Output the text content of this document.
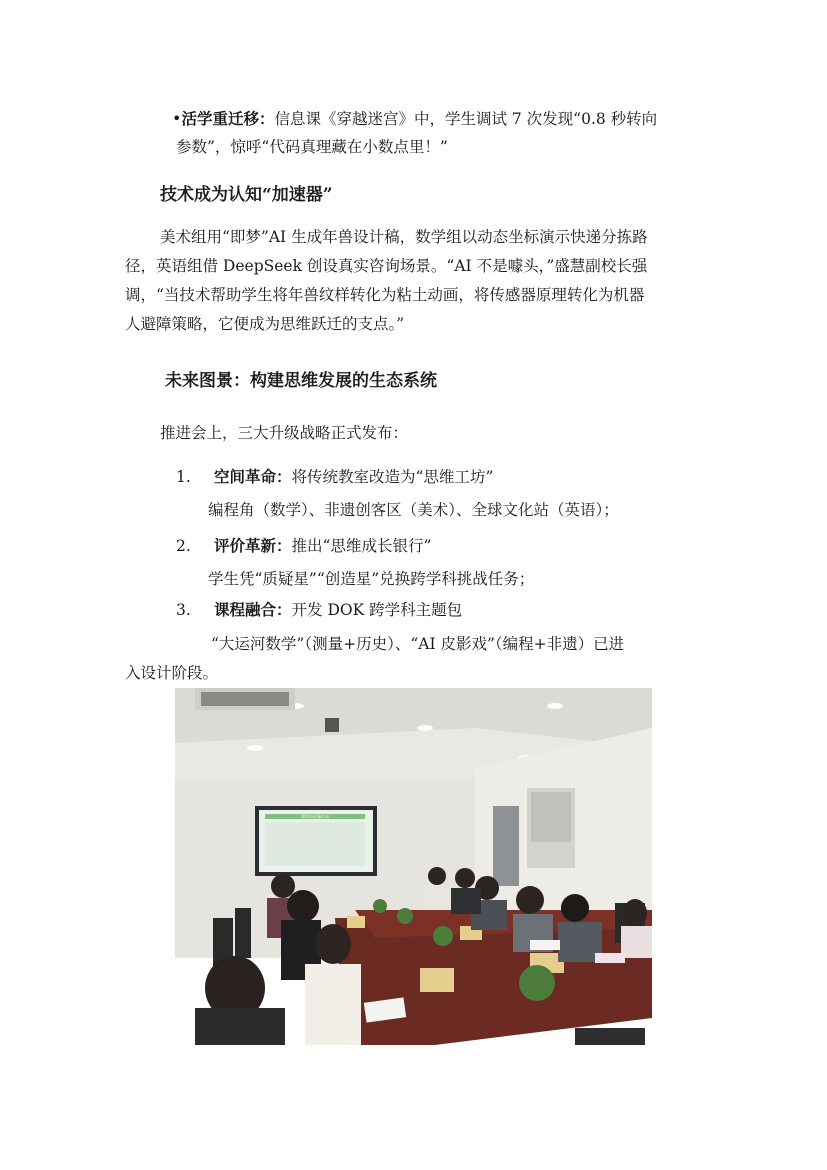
•活学重迁移：信息课《穿越迷宫》中，学生调试 7 次发现“0.8 秒转向
参数”，惊呼“代码真理藏在小数点里！”
技术成为认知“加速器”
美术组用“即梦”AI 生成年兽设计稿，数学组以动态坐标演示快递分拣路
径，英语组借 DeepSeek 创设真实咨询场景。“AI 不是噱头，”盛慧副校长强
调，“当技术帮助学生将年兽纹样转化为粘土动画，将传感器原理转化为机器
人避障策略，它便成为思维跃迁的支点。”
未来图景：构建思维发展的生态系统
推进会上，三大升级战略正式发布：
1. 空间革命：将传统教室改造为“思维工坊”
编程角（数学）、非遗创客区（美术）、全球文化站（英语）；
2. 评价革新：推出“思维成长银行”
学生凭“质疑星”“创造星”兑换跨学科挑战任务；
3. 课程融合：开发 DOK 跨学科主题包
“大运河数学”（测量+历史）、“AI 皮影戏”（编程+非遗）已进
入设计阶段。
课程评价量化表
